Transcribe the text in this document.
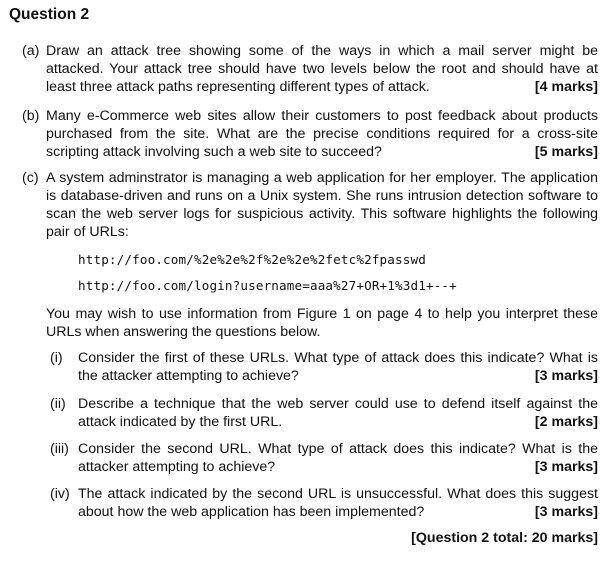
Question 2
(a) Draw an attack tree showing some of the ways in which a mail server might be attacked. Your attack tree should have two levels below the root and should have at least three attack paths representing different types of attack.	[4 marks]
(b) Many e-Commerce web sites allow their customers to post feedback about products purchased from the site. What are the precise conditions required for a cross-site scripting attack involving such a web site to succeed?	[5 marks]
(c) A system adminstrator is managing a web application for her employer. The application is database-driven and runs on a Unix system. She runs intrusion detection software to scan the web server logs for suspicious activity. This software highlights the following pair of URLs:
http://foo.com/%2e%2e%2f%2e%2e%2fetc%2fpasswd
http://foo.com/login?username=aaa%27+OR+1%3d1+--+
You may wish to use information from Figure 1 on page 4 to help you interpret these URLs when answering the questions below.
(i) Consider the first of these URLs. What type of attack does this indicate? What is the attacker attempting to achieve?	[3 marks]
(ii) Describe a technique that the web server could use to defend itself against the attack indicated by the first URL.	[2 marks]
(iii) Consider the second URL. What type of attack does this indicate? What is the attacker attempting to achieve?	[3 marks]
(iv) The attack indicated by the second URL is unsuccessful. What does this suggest about how the web application has been implemented?	[3 marks]
[Question 2 total: 20 marks]
